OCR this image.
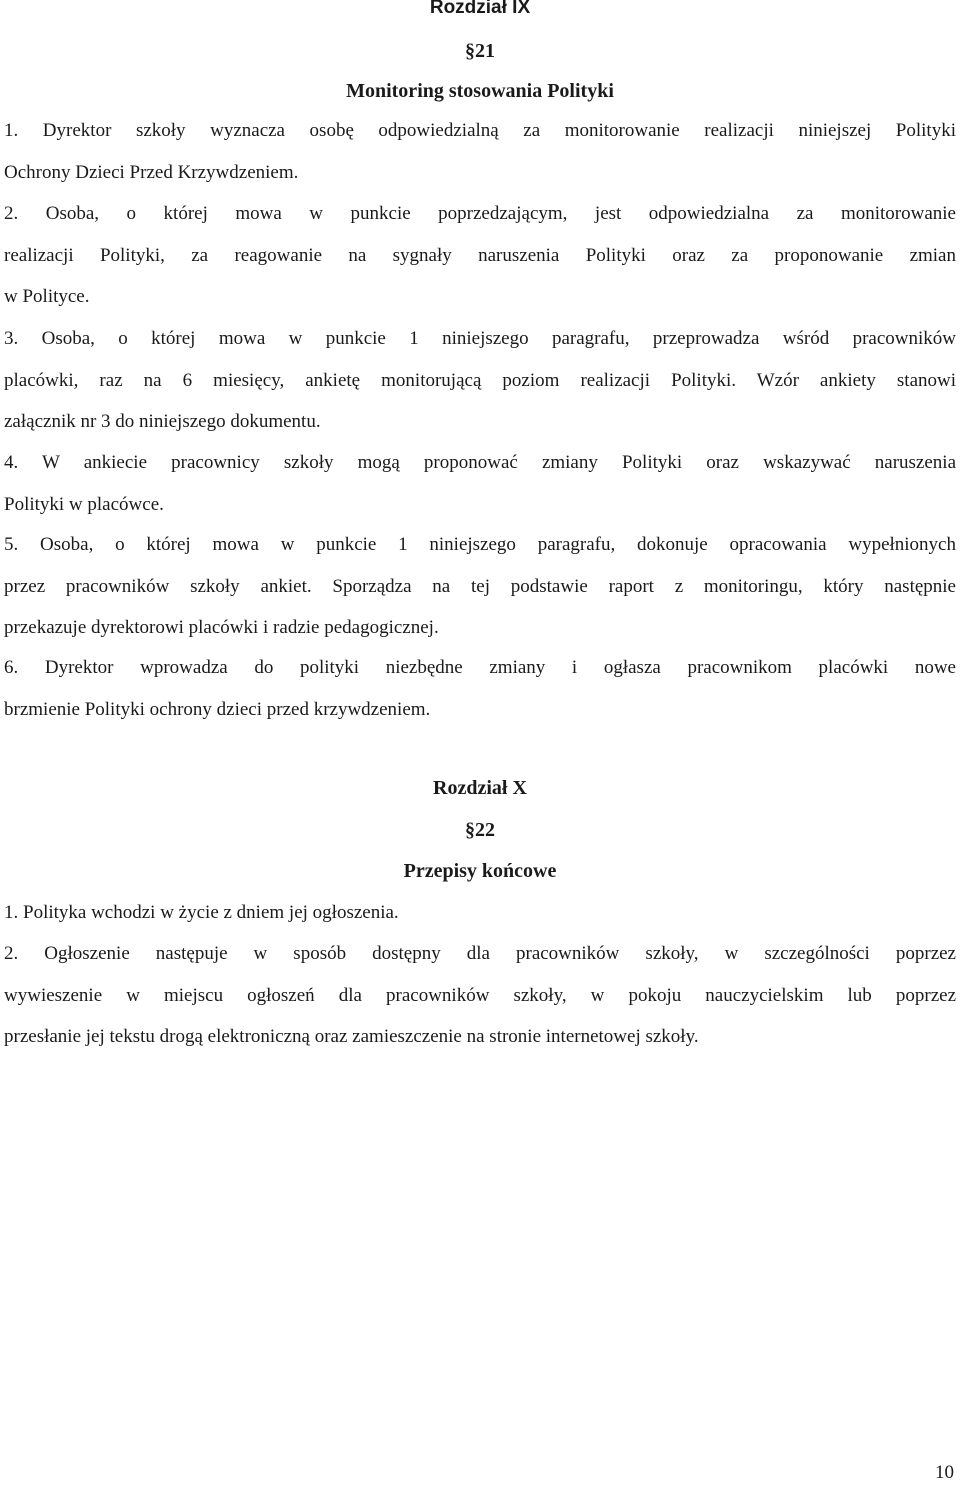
Rozdział IX
§21
Monitoring stosowania Polityki
1. Dyrektor szkoły wyznacza osobę odpowiedzialną za monitorowanie realizacji niniejszej Polityki
Ochrony Dzieci Przed Krzywdzeniem.
2. Osoba, o której mowa w punkcie poprzedzającym, jest odpowiedzialna za monitorowanie
realizacji Polityki, za reagowanie na sygnały naruszenia Polityki oraz za proponowanie zmian
w Polityce.
3. Osoba, o której mowa w punkcie 1 niniejszego paragrafu, przeprowadza wśród pracowników
placówki, raz na 6 miesięcy, ankietę monitorującą poziom realizacji Polityki. Wzór ankiety stanowi
załącznik nr 3 do niniejszego dokumentu.
4. W ankiecie pracownicy szkoły mogą proponować zmiany Polityki oraz wskazywać naruszenia
Polityki w placówce.
5. Osoba, o której mowa w punkcie 1 niniejszego paragrafu, dokonuje opracowania wypełnionych
przez pracowników szkoły ankiet. Sporządza na tej podstawie raport z monitoringu, który następnie
przekazuje dyrektorowi placówki i radzie pedagogicznej.
6. Dyrektor wprowadza do polityki niezbędne zmiany i ogłasza pracownikom placówki nowe
brzmienie Polityki ochrony dzieci przed krzywdzeniem.
Rozdział X
§22
Przepisy końcowe
1. Polityka wchodzi w życie z dniem jej ogłoszenia.
2. Ogłoszenie następuje w sposób dostępny dla pracowników szkoły, w szczególności poprzez
wywieszenie w miejscu ogłoszeń dla pracowników szkoły, w pokoju nauczycielskim lub poprzez
przesłanie jej tekstu drogą elektroniczną oraz zamieszczenie na stronie internetowej szkoły.
10
